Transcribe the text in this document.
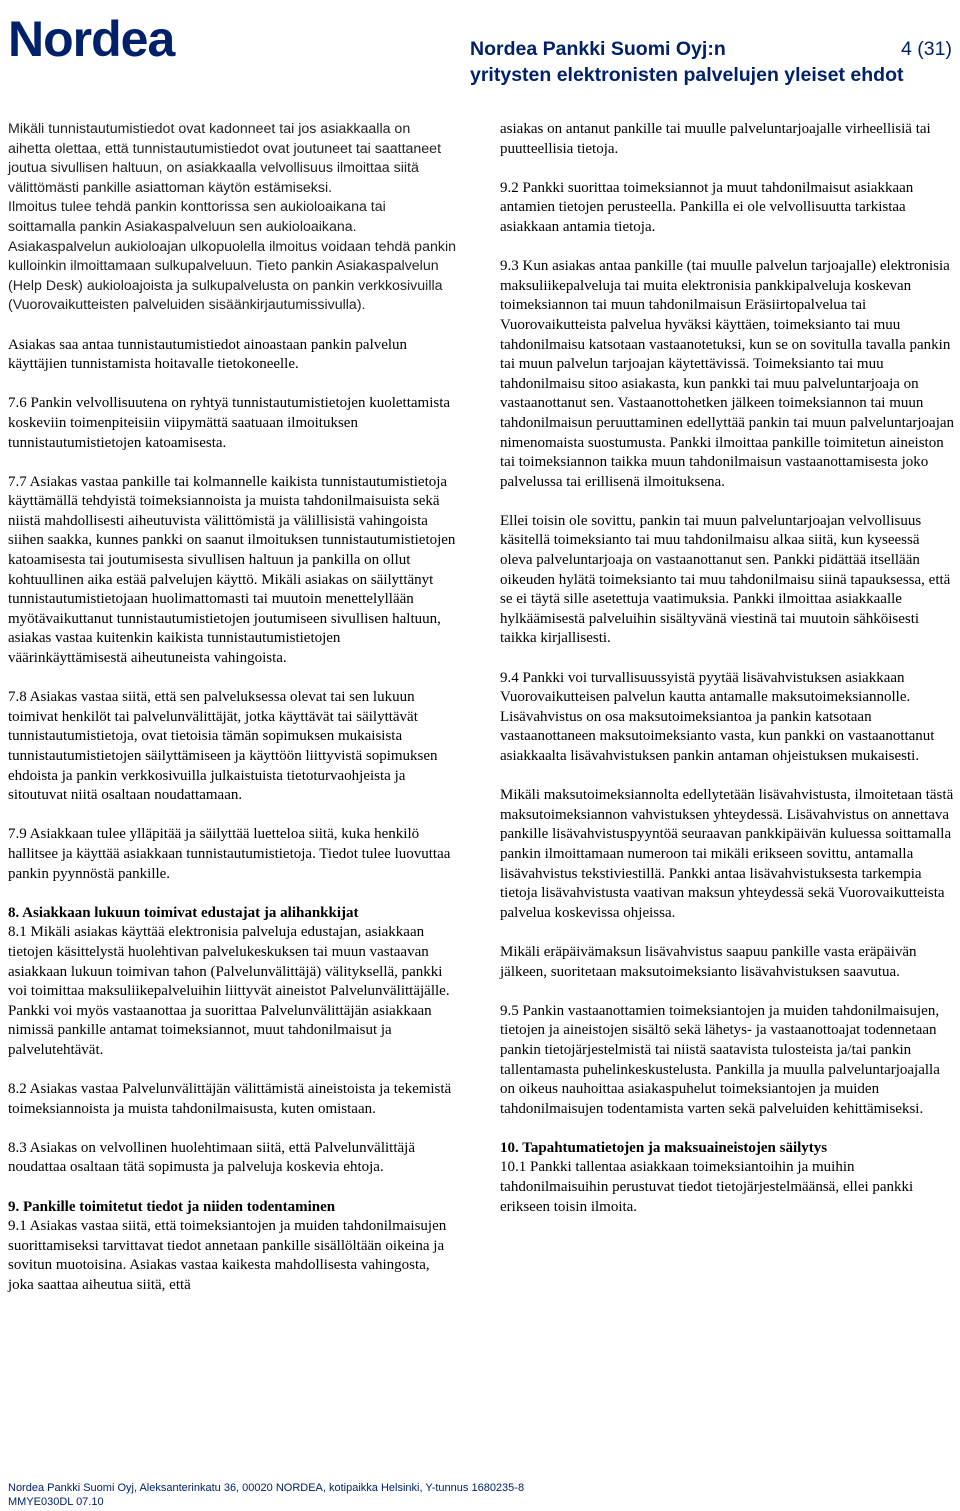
Nordea	Nordea Pankki Suomi Oyj:n	4 (31)
yritysten elektronisten palvelujen yleiset ehdot

Mikäli tunnistautumistiedot ovat kadonneet tai jos asiakkaalla on aihetta olettaa, että tunnistautumistiedot ovat joutuneet tai saattaneet joutua sivullisen haltuun, on asiakkaalla velvollisuus ilmoittaa siitä välittömästi pankille asiattoman käytön estämiseksi.

Ilmoitus tulee tehdä pankin konttorissa sen aukioloaikana tai soittamalla pankin Asiakaspalveluun sen aukioloaikana. Asiakaspalvelun aukioloajan ulkopuolella ilmoitus voidaan tehdä pankin kulloinkin ilmoittamaan sulkupalveluun. Tieto pankin Asiakaspalvelun (Help Desk) aukioloajoista ja sulkupalvelusta on pankin verkkosivuilla (Vuorovaikutteisten palveluiden sisäänkirjautumissivulla).

Asiakas saa antaa tunnistautumistiedot ainoastaan pankin palvelun käyttäjien tunnistamista hoitavalle tietokoneelle.

7.6 Pankin velvollisuutena on ryhtyä tunnistautumistietojen kuolettamista koskeviin toimenpiteisiin viipymättä saatuaan ilmoituksen tunnistautumistietojen katoamisesta.

7.7 Asiakas vastaa pankille tai kolmannelle kaikista tunnistautumistietoja käyttämällä tehdyistä toimeksiannoista ja muista tahdonilmaisuista sekä niistä mahdollisesti aiheutuvista välittömistä ja välillisistä vahingoista siihen saakka, kunnes pankki on saanut ilmoituksen tunnistautumistietojen katoamisesta tai joutumisesta sivullisen haltuun ja pankilla on ollut kohtuullinen aika estää palvelujen käyttö. Mikäli asiakas on säilyttänyt tunnistautumistietojaan huolimattomasti tai muutoin menettelyllään myötävaikuttanut tunnistautumistietojen joutumiseen sivullisen haltuun, asiakas vastaa kuitenkin kaikista tunnistautumistietojen väärinkäyttämisestä aiheutuneista vahingoista.

7.8 Asiakas vastaa siitä, että sen palveluksessa olevat tai sen lukuun toimivat henkilöt tai palvelunvälittäjät, jotka käyttävät tai säilyttävät tunnistautumistietoja, ovat tietoisia tämän sopimuksen mukaisista tunnistautumistietojen säilyttämiseen ja käyttöön liittyvistä sopimuksen ehdoista ja pankin verkkosivuilla julkaistuista tietoturvaohjeista ja sitoutuvat niitä osaltaan noudattamaan.

7.9 Asiakkaan tulee ylläpitää ja säilyttää luetteloa siitä, kuka henkilö hallitsee ja käyttää asiakkaan tunnistautumistietoja. Tiedot tulee luovuttaa pankin pyynnöstä pankille.

8. Asiakkaan lukuun toimivat edustajat ja alihankkijat

8.1 Mikäli asiakas käyttää elektronisia palveluja edustajan, asiakkaan tietojen käsittelystä huolehtivan palvelukeskuksen tai muun vastaavan asiakkaan lukuun toimivan tahon (Palvelunvälittäjä) välityksellä, pankki voi toimittaa maksuliikepalveluihin liittyvät aineistot Palvelunvälittäjälle. Pankki voi myös vastaanottaa ja suorittaa Palvelunvälittäjän asiakkaan nimissä pankille antamat toimeksiannot, muut tahdonilmaisut ja palvelutehtävät.

8.2 Asiakas vastaa Palvelunvälittäjän välittämistä aineistoista ja tekemistä toimeksiannoista ja muista tahdonilmaisusta, kuten omistaan.

8.3 Asiakas on velvollinen huolehtimaan siitä, että Palvelunvälittäjä noudattaa osaltaan tätä sopimusta ja palveluja koskevia ehtoja.

9. Pankille toimitetut tiedot ja niiden todentaminen

9.1 Asiakas vastaa siitä, että toimeksiantojen ja muiden tahdonilmaisujen suorittamiseksi tarvittavat tiedot annetaan pankille sisällöltään oikeina ja sovitun muotoisina. Asiakas vastaa kaikesta mahdollisesta vahingosta, joka saattaa aiheutua siitä, että

asiakas on antanut pankille tai muulle palveluntarjoajalle virheellisiä tai puutteellisia tietoja.

9.2 Pankki suorittaa toimeksiannot ja muut tahdonilmaisut asiakkaan antamien tietojen perusteella. Pankilla ei ole velvollisuutta tarkistaa asiakkaan antamia tietoja.

9.3 Kun asiakas antaa pankille (tai muulle palvelun tarjoajalle) elektronisia maksuliikepalveluja tai muita elektronisia pankkipalveluja koskevan toimeksiannon tai muun tahdonilmaisun Eräsiirtopalvelua tai Vuorovaikutteista palvelua hyväksi käyttäen, toimeksianto tai muu tahdonilmaisu katsotaan vastaanotetuksi, kun se on sovitulla tavalla pankin tai muun palvelun tarjoajan käytettävissä. Toimeksianto tai muu tahdonilmaisu sitoo asiakasta, kun pankki tai muu palveluntarjoaja on vastaanottanut sen. Vastaanottohetken jälkeen toimeksiannon tai muun tahdonilmaisun peruuttaminen edellyttää pankin tai muun palveluntarjoajan nimenomaista suostumusta. Pankki ilmoittaa pankille toimitetun aineiston tai toimeksiannon taikka muun tahdonilmaisun vastaanottamisesta joko palvelussa tai erillisenä ilmoituksena.

Ellei toisin ole sovittu, pankin tai muun palveluntarjoajan velvollisuus käsitellä toimeksianto tai muu tahdonilmaisu alkaa siitä, kun kyseessä oleva palveluntarjoaja on vastaanottanut sen. Pankki pidättää itsellään oikeuden hylätä toimeksianto tai muu tahdonilmaisu siinä tapauksessa, että se ei täytä sille asetettuja vaatimuksia. Pankki ilmoittaa asiakkaalle hylkäämisestä palveluihin sisältyvänä viestinä tai muutoin sähköisesti taikka kirjallisesti.

9.4 Pankki voi turvallisuussyistä pyytää lisävahvistuksen asiakkaan Vuorovaikutteisen palvelun kautta antamalle maksutoimeksiannolle. Lisävahvistus on osa maksutoimeksiantoa ja pankin katsotaan vastaanottaneen maksutoimeksianto vasta, kun pankki on vastaanottanut asiakkaalta lisävahvistuksen pankin antaman ohjeistuksen mukaisesti.

Mikäli maksutoimeksiannolta edellytetään lisävahvistusta, ilmoitetaan tästä maksutoimeksiannon vahvistuksen yhteydessä. Lisävahvistus on annettava pankille lisävahvistuspyyntöä seuraavan pankkipäivän kuluessa soittamalla pankin ilmoittamaan numeroon tai mikäli erikseen sovittu, antamalla lisävahvistus tekstiviestillä. Pankki antaa lisävahvistuksesta tarkempia tietoja lisävahvistusta vaativan maksun yhteydessä sekä Vuorovaikutteista palvelua koskevissa ohjeissa.

Mikäli eräpäivämaksun lisävahvistus saapuu pankille vasta eräpäivän jälkeen, suoritetaan maksutoimeksianto lisävahvistuksen saavutua.

9.5 Pankin vastaanottamien toimeksiantojen ja muiden tahdonilmaisujen, tietojen ja aineistojen sisältö sekä lähetys- ja vastaanottoajat todennetaan pankin tietojärjestelmistä tai niistä saatavista tulosteista ja/tai pankin tallentamasta puhelinkeskustelusta. Pankilla ja muulla palveluntarjoajalla on oikeus nauhoittaa asiakaspuhelut toimeksiantojen ja muiden tahdonilmaisujen todentamista varten sekä palveluiden kehittämiseksi.

10. Tapahtumatietojen ja maksuaineistojen säilytys

10.1 Pankki tallentaa asiakkaan toimeksiantoihin ja muihin tahdonilmaisuihin perustuvat tiedot tietojärjestelmäänsä, ellei pankki erikseen toisin ilmoita.

Nordea Pankki Suomi Oyj, Aleksanterinkatu 36, 00020 NORDEA, kotipaikka Helsinki, Y-tunnus 1680235-8
MMYE030DL 07.10
